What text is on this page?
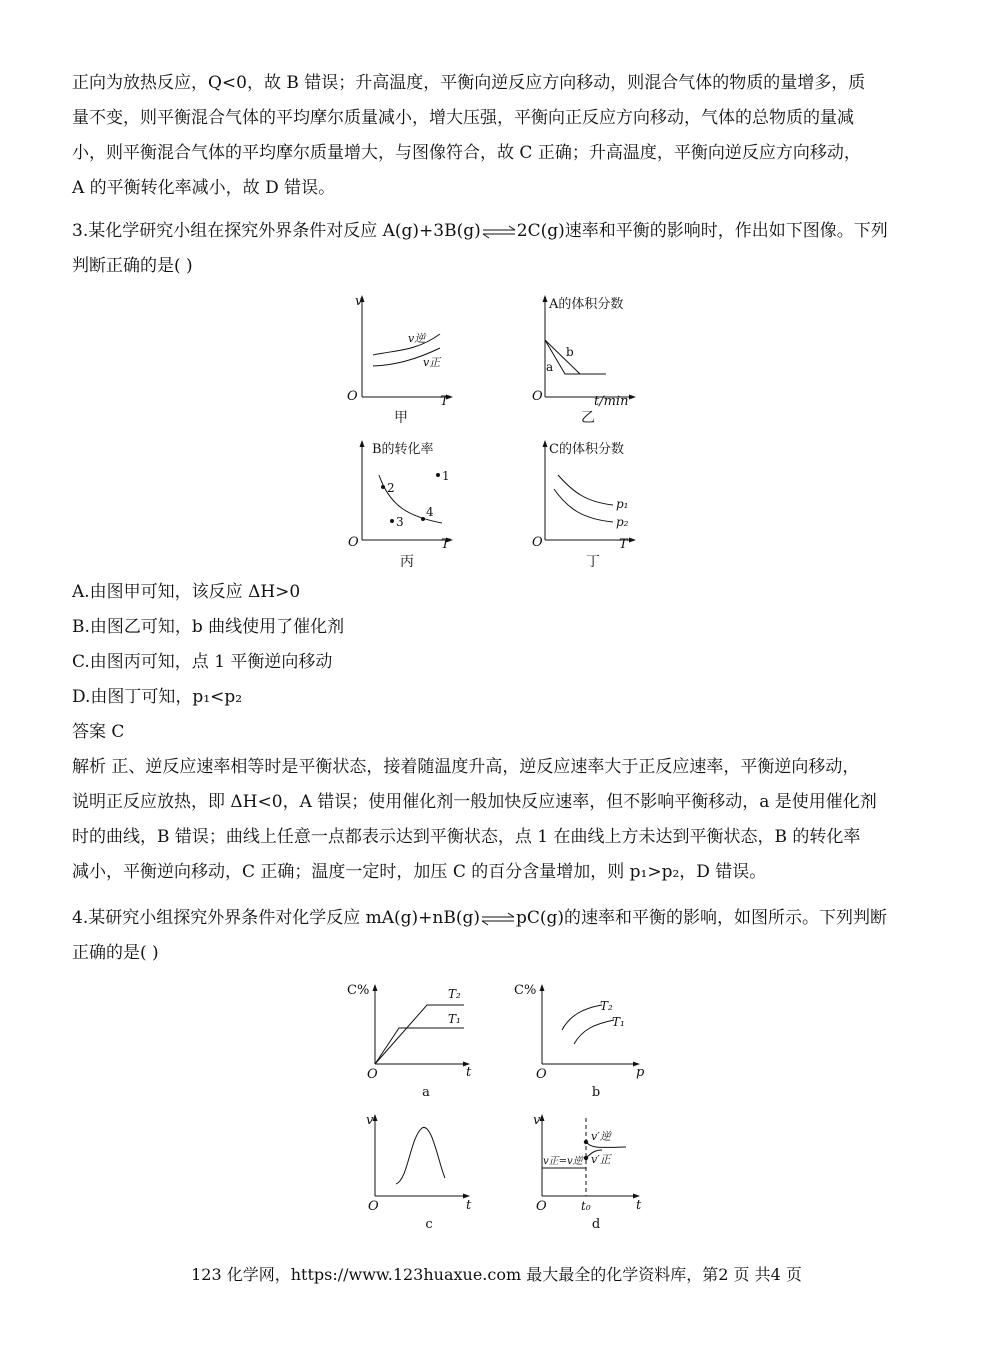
正向为放热反应，Q<0，故 B 错误；升高温度，平衡向逆反应方向移动，则混合气体的物质的量增多，质
量不变，则平衡混合气体的平均摩尔质量减小，增大压强，平衡向正反应方向移动，气体的总物质的量减
小，则平衡混合气体的平均摩尔质量增大，与图像符合，故 C 正确；升高温度，平衡向逆反应方向移动，
A 的平衡转化率减小，故 D 错误。
3.某化学研究小组在探究外界条件对反应 A(g)+3B(g)⇌2C(g)速率和平衡的影响时，作出如下图像。下列
判断正确的是( )
v
T
O
v逆
v正
甲
A的体积分数
t/min
O
a
b
乙
B的转化率
T
O
1
2
3
4
丙
C的体积分数
T
O
p₁
p₂
丁
A.由图甲可知，该反应 ΔH>0
B.由图乙可知，b 曲线使用了催化剂
C.由图丙可知，点 1 平衡逆向移动
D.由图丁可知，p₁<p₂
答案 C
解析 正、逆反应速率相等时是平衡状态，接着随温度升高，逆反应速率大于正反应速率，平衡逆向移动，
说明正反应放热，即 ΔH<0，A 错误；使用催化剂一般加快反应速率，但不影响平衡移动，a 是使用催化剂
时的曲线，B 错误；曲线上任意一点都表示达到平衡状态，点 1 在曲线上方未达到平衡状态，B 的转化率
减小，平衡逆向移动，C 正确；温度一定时，加压 C 的百分含量增加，则 p₁>p₂，D 错误。
4.某研究小组探究外界条件对化学反应 mA(g)+nB(g)⇌pC(g)的速率和平衡的影响，如图所示。下列判断
正确的是( )
C%
t
O
T₂
T₁
a
C%
p
O
T₂
T₁
b
v
t
O
c
v
t
O	t₀
v正=v逆
v′逆
v′正
d
123 化学网，https://www.123huaxue.com 最大最全的化学资料库，第2 页 共4 页
